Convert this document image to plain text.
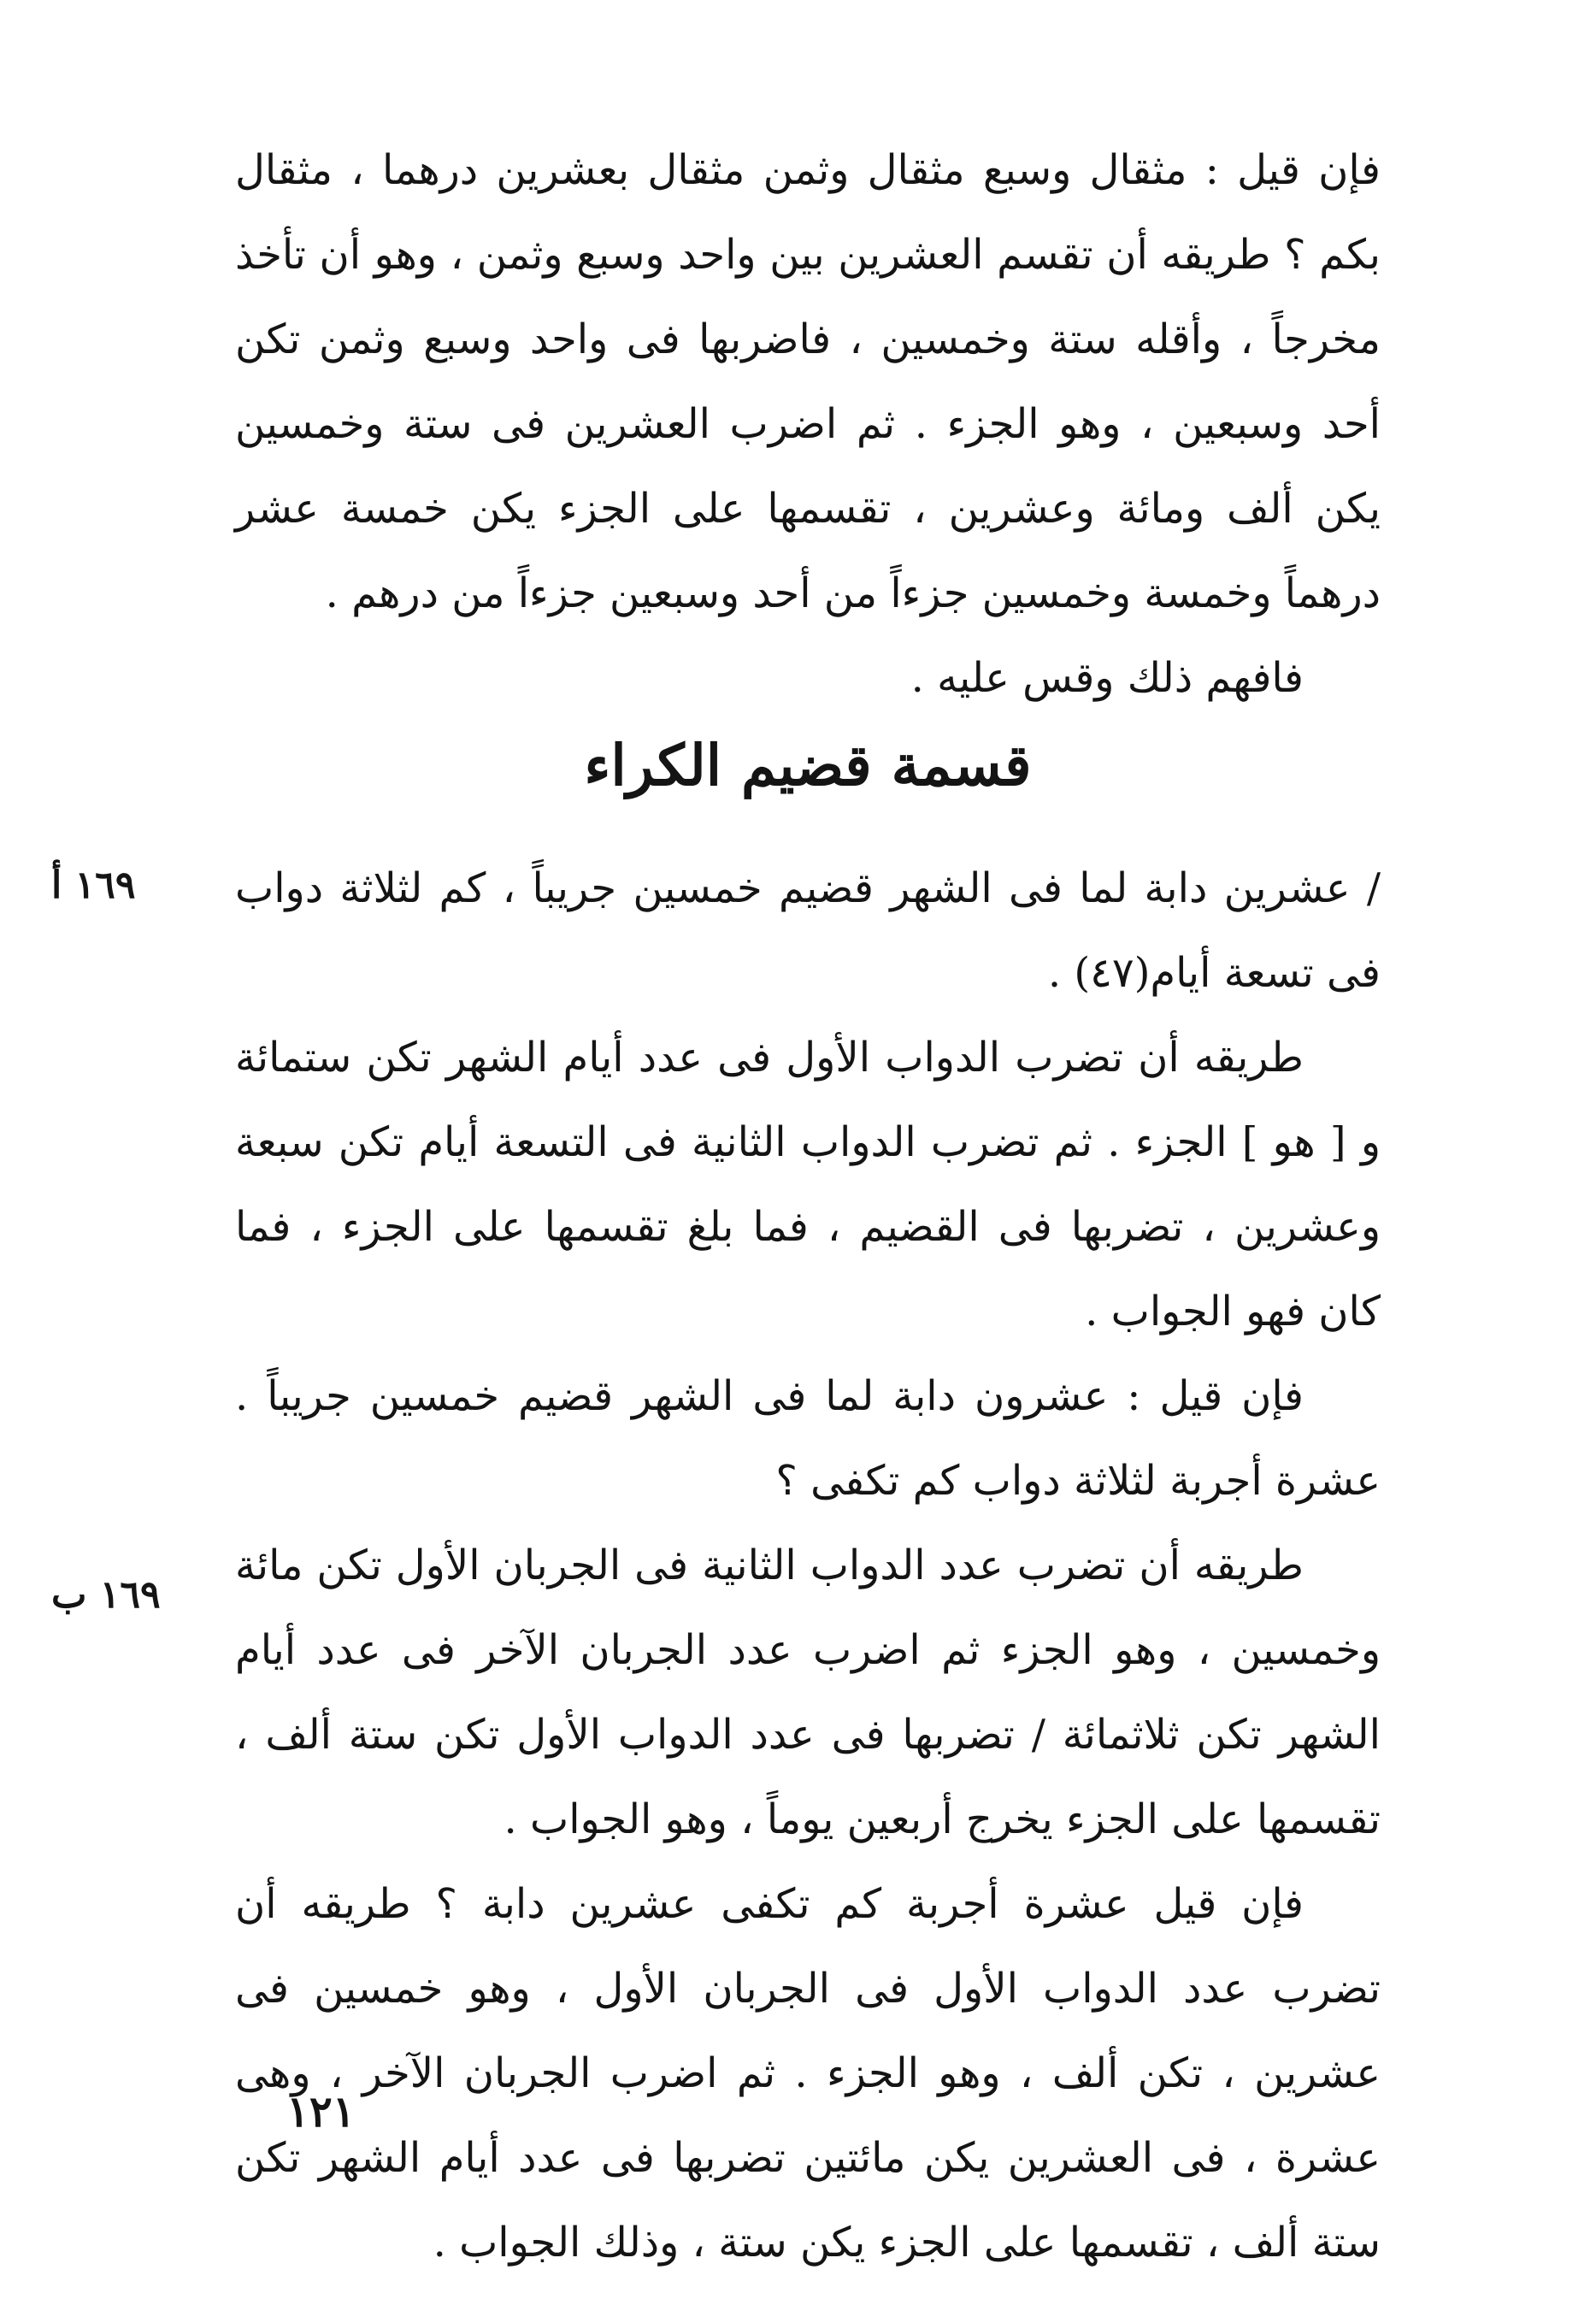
فإن قيل : مثقال وسبع مثقال وثمن مثقال بعشرين درهما ، مثقال بكم ؟ طريقه أن تقسم العشرين بين واحد وسبع وثمن ، وهو أن تأخذ مخرجاً ، وأقله ستة وخمسين ، فاضربها فى واحد وسبع وثمن تكن أحد وسبعين ، وهو الجزء . ثم اضرب العشرين فى ستة وخمسين يكن ألف ومائة وعشرين ، تقسمها على الجزء يكن خمسة عشر درهماً وخمسة وخمسين جزءاً من أحد وسبعين جزءاً من درهم .

فافهم ذلك وقس عليه .

قسمة قضيم الكراء

/ عشرين دابة لما فى الشهر قضيم خمسين جريباً ، كم لثلاثة دواب فى تسعة أيام(٤٧) .

طريقه أن تضرب الدواب الأول فى عدد أيام الشهر تكن ستمائة و [ هو ] الجزء . ثم تضرب الدواب الثانية فى التسعة أيام تكن سبعة وعشرين ، تضربها فى القضيم ، فما بلغ تقسمها على الجزء ، فما كان فهو الجواب .

فإن قيل : عشرون دابة لما فى الشهر قضيم خمسين جريباً . عشرة أجربة لثلاثة دواب كم تكفى ؟

طريقه أن تضرب عدد الدواب الثانية فى الجربان الأول تكن مائة وخمسين ، وهو الجزء ثم اضرب عدد الجربان الآخر فى عدد أيام الشهر تكن ثلاثمائة / تضربها فى عدد الدواب الأول تكن ستة ألف ، تقسمها على الجزء يخرج أربعين يوماً ، وهو الجواب .

فإن قيل عشرة أجربة كم تكفى عشرين دابة ؟ طريقه أن تضرب عدد الدواب الأول فى الجربان الأول ، وهو خمسين فى عشرين ، تكن ألف ، وهو الجزء . ثم اضرب الجربان الآخر ، وهى عشرة ، فى العشرين يكن مائتين تضربها فى عدد أيام الشهر تكن ستة ألف ، تقسمها على الجزء يكن ستة ، وذلك الجواب .

١٦٩ أ
١٦٩ ب
١٢١
